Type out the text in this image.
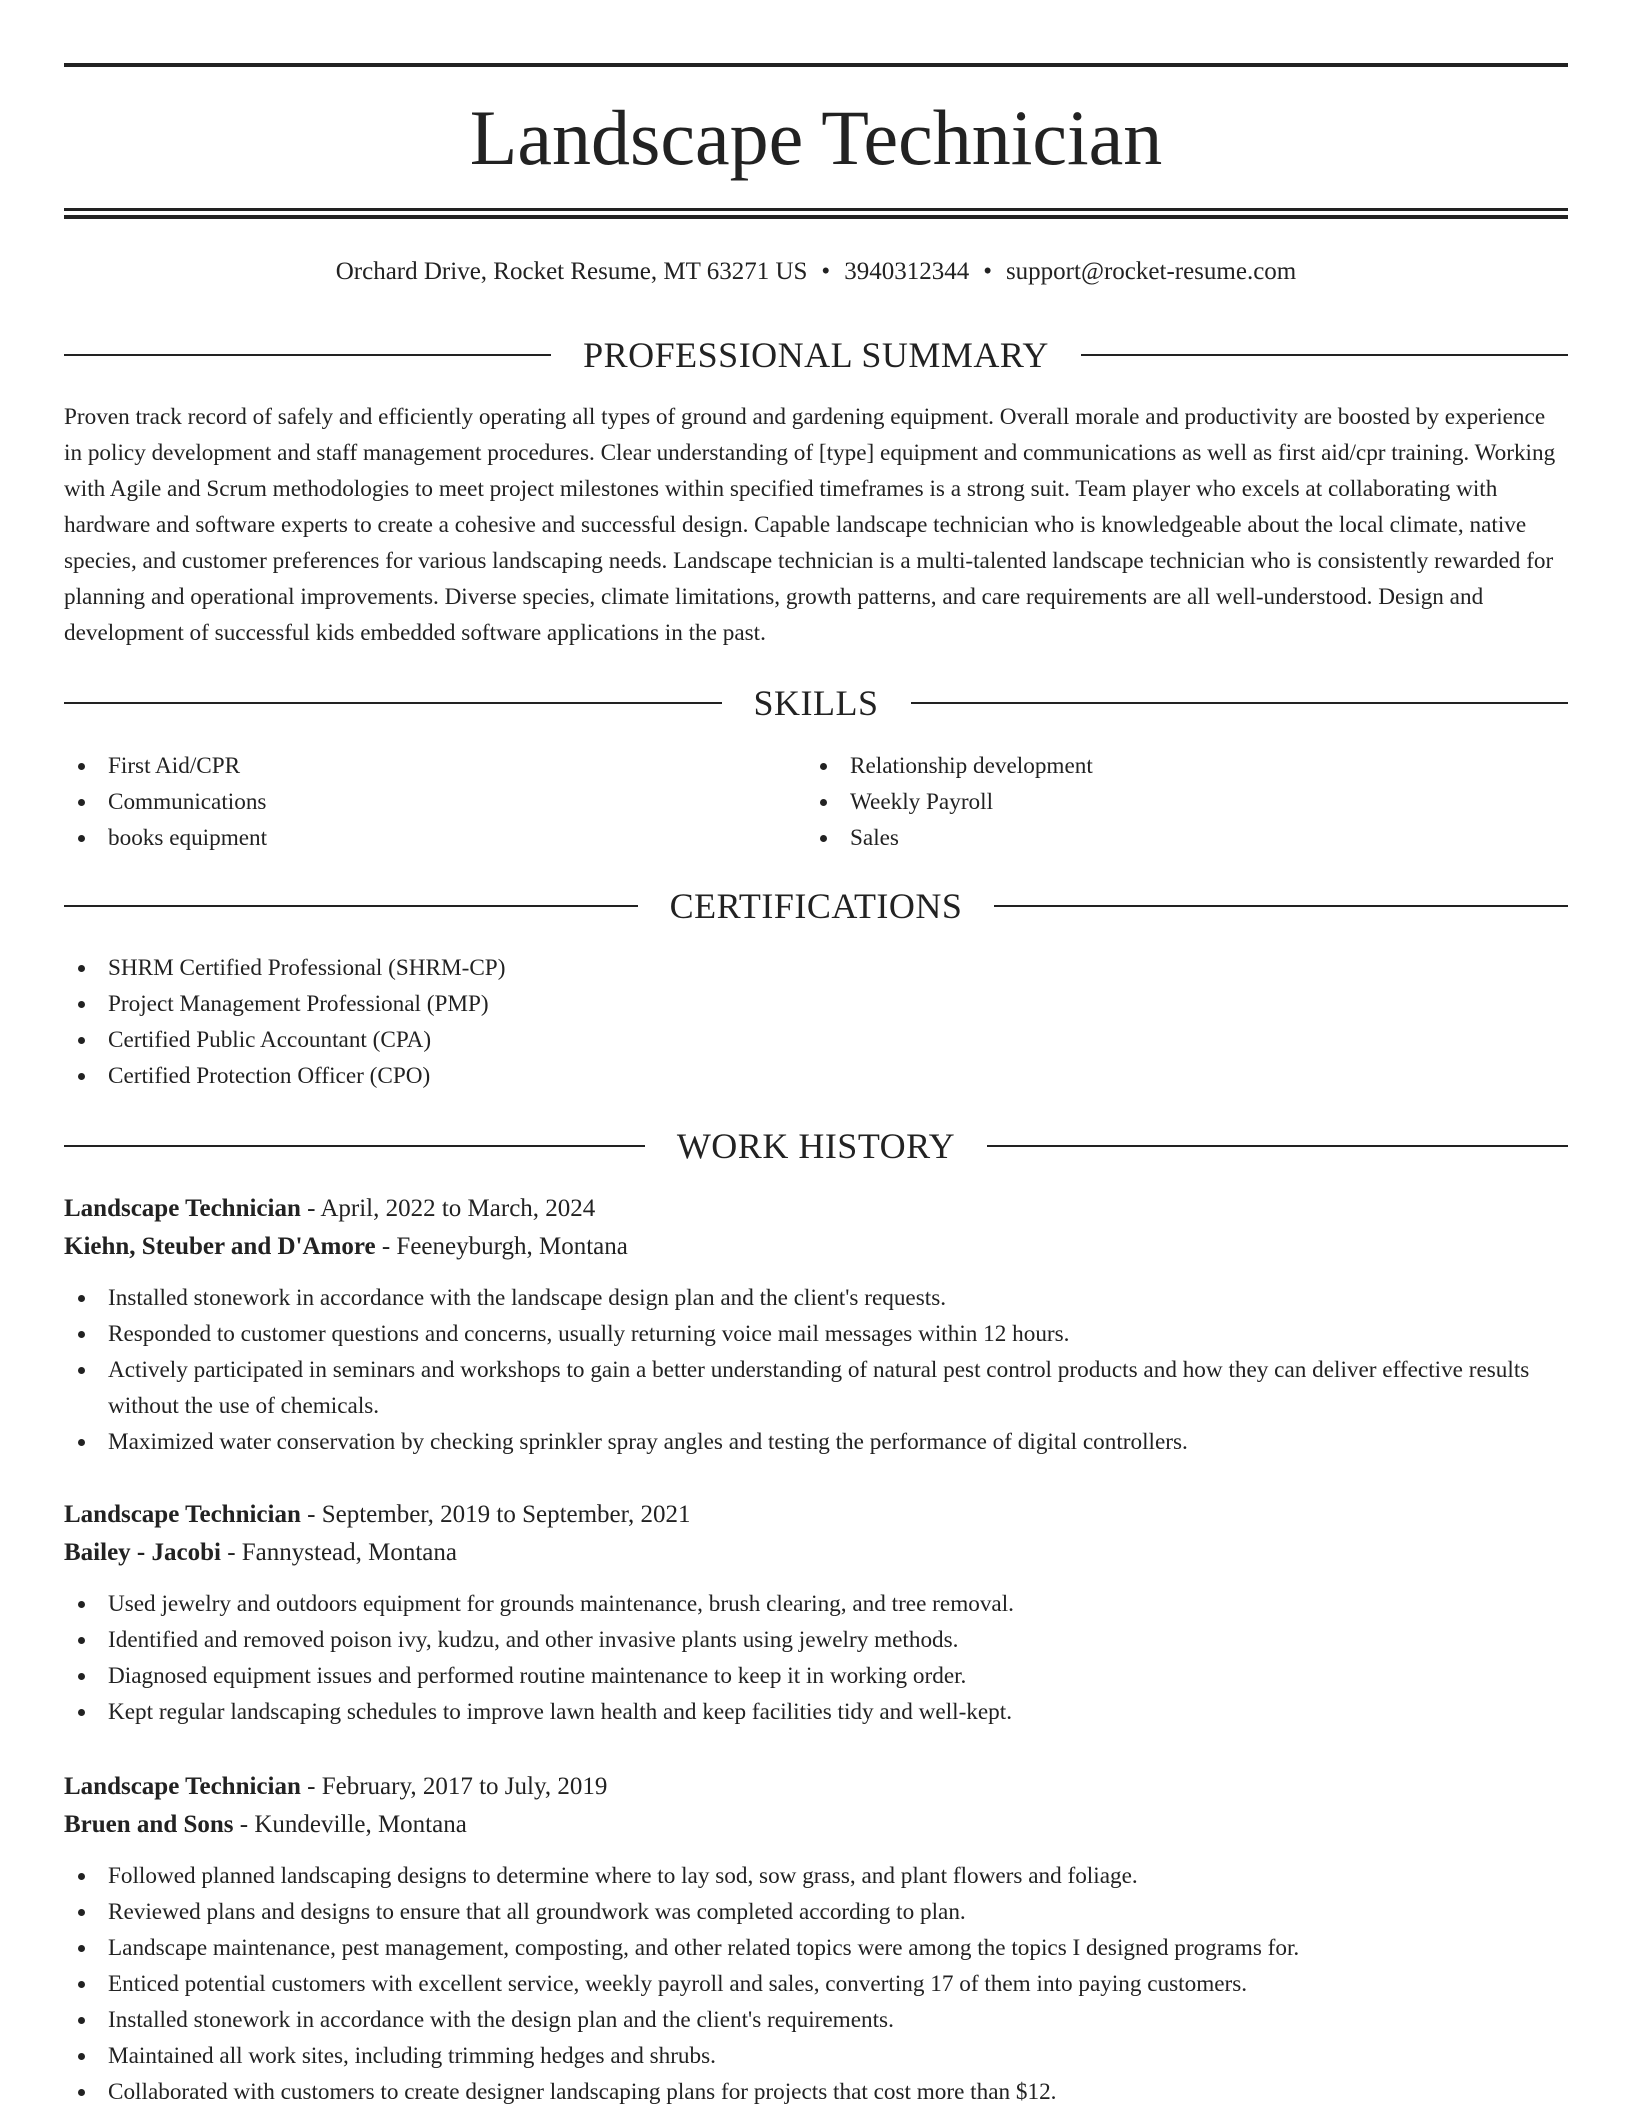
Landscape Technician
Orchard Drive, Rocket Resume, MT 63271 US • 3940312344 • support@rocket-resume.com
PROFESSIONAL SUMMARY

Proven track record of safely and efficiently operating all types of ground and gardening equipment. Overall morale and productivity are boosted by experience in policy development and staff management procedures. Clear understanding of [type] equipment and communications as well as first aid/cpr training. Working with Agile and Scrum methodologies to meet project milestones within specified timeframes is a strong suit. Team player who excels at collaborating with hardware and software experts to create a cohesive and successful design. Capable landscape technician who is knowledgeable about the local climate, native species, and customer preferences for various landscaping needs. Landscape technician is a multi-talented landscape technician who is consistently rewarded for planning and operational improvements. Diverse species, climate limitations, growth patterns, and care requirements are all well-understood. Design and development of successful kids embedded software applications in the past.

SKILLS
First Aid/CPR
Communications
books equipment
Relationship development
Weekly Payroll
Sales
CERTIFICATIONS
SHRM Certified Professional (SHRM-CP)
Project Management Professional (PMP)
Certified Public Accountant (CPA)
Certified Protection Officer (CPO)
WORK HISTORY
Landscape Technician - April, 2022 to March, 2024
Kiehn, Steuber and D'Amore - Feeneyburgh, Montana
Installed stonework in accordance with the landscape design plan and the client's requests.
Responded to customer questions and concerns, usually returning voice mail messages within 12 hours.
Actively participated in seminars and workshops to gain a better understanding of natural pest control products and how they can deliver effective results without the use of chemicals.
Maximized water conservation by checking sprinkler spray angles and testing the performance of digital controllers.
Landscape Technician - September, 2019 to September, 2021
Bailey - Jacobi - Fannystead, Montana
Used jewelry and outdoors equipment for grounds maintenance, brush clearing, and tree removal.
Identified and removed poison ivy, kudzu, and other invasive plants using jewelry methods.
Diagnosed equipment issues and performed routine maintenance to keep it in working order.
Kept regular landscaping schedules to improve lawn health and keep facilities tidy and well-kept.
Landscape Technician - February, 2017 to July, 2019
Bruen and Sons - Kundeville, Montana
Followed planned landscaping designs to determine where to lay sod, sow grass, and plant flowers and foliage.
Reviewed plans and designs to ensure that all groundwork was completed according to plan.
Landscape maintenance, pest management, composting, and other related topics were among the topics I designed programs for.
Enticed potential customers with excellent service, weekly payroll and sales, converting 17 of them into paying customers.
Installed stonework in accordance with the design plan and the client's requirements.
Maintained all work sites, including trimming hedges and shrubs.
Collaborated with customers to create designer landscaping plans for projects that cost more than $12.
